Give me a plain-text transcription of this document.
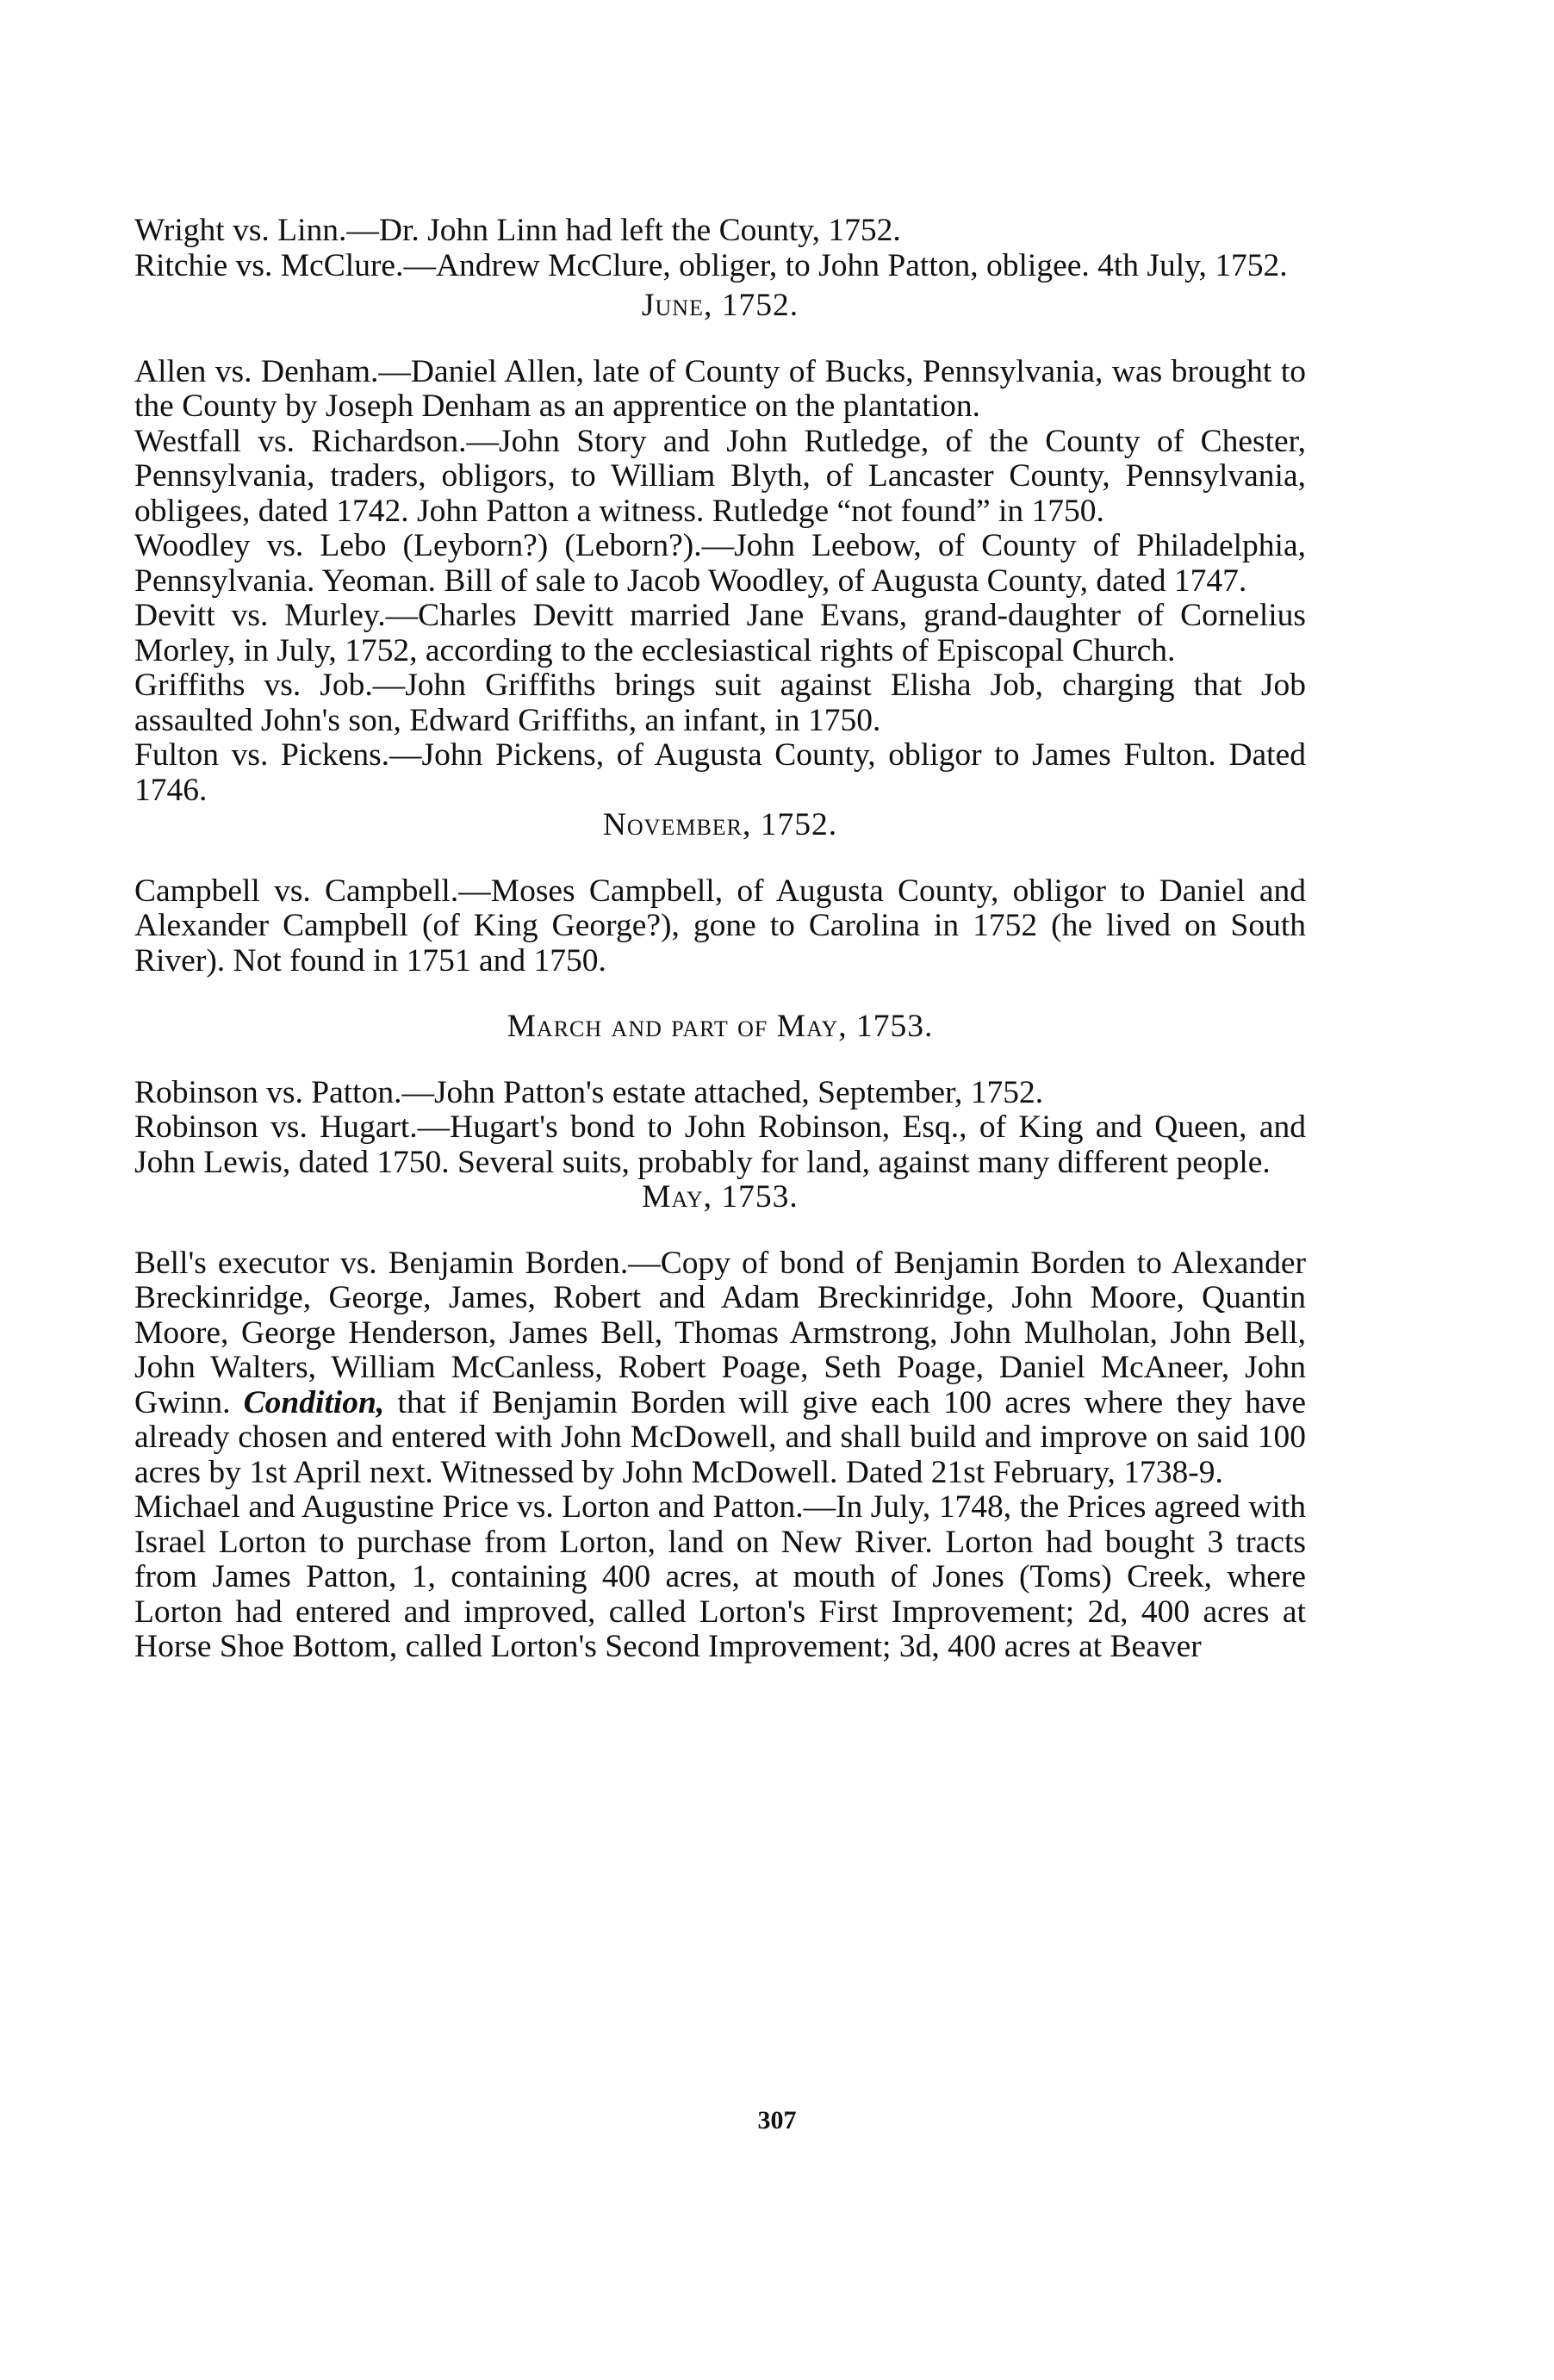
Wright vs. Linn.—Dr. John Linn had left the County, 1752.

Ritchie vs. McClure.—Andrew McClure, obliger, to John Patton, obligee. 4th July, 1752.

June, 1752.

Allen vs. Denham.—Daniel Allen, late of County of Bucks, Pennsylvania, was brought to the County by Joseph Denham as an apprentice on the plantation.

Westfall vs. Richardson.—John Story and John Rutledge, of the County of Chester, Pennsylvania, traders, obligors, to William Blyth, of Lancaster County, Pennsylvania, obligees, dated 1742. John Patton a witness. Rutledge “not found” in 1750.

Woodley vs. Lebo (Leyborn?) (Leborn?).—John Leebow, of County of Philadelphia, Pennsylvania. Yeoman. Bill of sale to Jacob Woodley, of Augusta County, dated 1747.

Devitt vs. Murley.—Charles Devitt married Jane Evans, grand-daughter of Cornelius Morley, in July, 1752, according to the ecclesiastical rights of Episcopal Church.

Griffiths vs. Job.—John Griffiths brings suit against Elisha Job, charging that Job assaulted John's son, Edward Griffiths, an infant, in 1750.

Fulton vs. Pickens.—John Pickens, of Augusta County, obligor to James Fulton. Dated 1746.

November, 1752.

Campbell vs. Campbell.—Moses Campbell, of Augusta County, obligor to Daniel and Alexander Campbell (of King George?), gone to Carolina in 1752 (he lived on South River). Not found in 1751 and 1750.

March and part of May, 1753.

Robinson vs. Patton.—John Patton's estate attached, September, 1752.

Robinson vs. Hugart.—Hugart's bond to John Robinson, Esq., of King and Queen, and John Lewis, dated 1750. Several suits, probably for land, against many different people.

May, 1753.

Bell's executor vs. Benjamin Borden.—Copy of bond of Benjamin Borden to Alexander Breckinridge, George, James, Robert and Adam Breckinridge, John Moore, Quantin Moore, George Henderson, James Bell, Thomas Armstrong, John Mulholan, John Bell, John Walters, William McCanless, Robert Poage, Seth Poage, Daniel McAneer, John Gwinn. Condition, that if Benjamin Borden will give each 100 acres where they have already chosen and entered with John McDowell, and shall build and improve on said 100 acres by 1st April next. Witnessed by John McDowell. Dated 21st February, 1738-9.

Michael and Augustine Price vs. Lorton and Patton.—In July, 1748, the Prices agreed with Israel Lorton to purchase from Lorton, land on New River. Lorton had bought 3 tracts from James Patton, 1, containing 400 acres, at mouth of Jones (Toms) Creek, where Lorton had entered and improved, called Lorton's First Improvement; 2d, 400 acres at Horse Shoe Bottom, called Lorton's Second Improvement; 3d, 400 acres at Beaver

307
